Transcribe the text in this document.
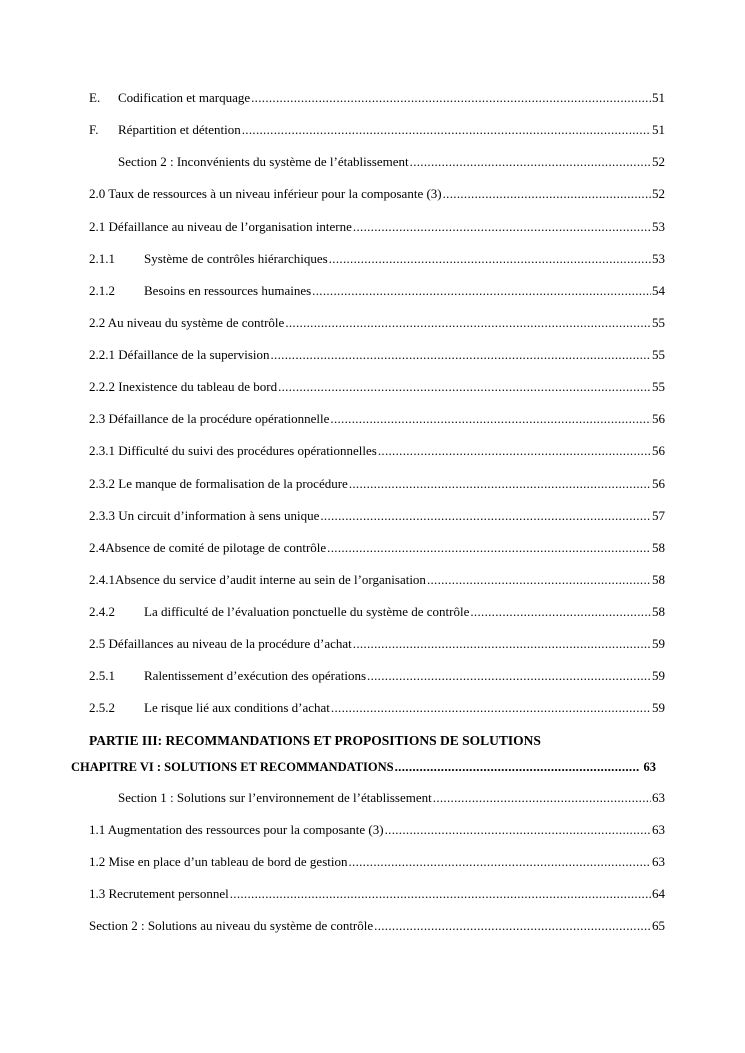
E.	Codification et marquage .....	51
F.	Répartition et détention .....	51
Section 2 : Inconvénients du système de l’établissement .....	52
2.0 Taux de ressources à un niveau inférieur pour la composante (3) .....	52
2.1 Défaillance au niveau de l’organisation interne .....	53
2.1.1	Système de contrôles hiérarchiques .....	53
2.1.2	Besoins en ressources humaines .....	54
2.2 Au niveau du système de contrôle .....	55
2.2.1 Défaillance de la supervision .....	55
2.2.2 Inexistence du tableau de bord .....	55
2.3 Défaillance de la procédure opérationnelle .....	56
2.3.1 Difficulté du suivi des procédures opérationnelles .....	56
2.3.2 Le manque de formalisation de la procédure .....	56
2.3.3 Un circuit d’information à sens unique .....	57
2.4Absence de comité de pilotage de contrôle .....	58
2.4.1Absence du service d’audit interne au sein de l’organisation .....	58
2.4.2	La difficulté de l’évaluation ponctuelle du système de contrôle .....	58
2.5 Défaillances au niveau de la procédure d’achat .....	59
2.5.1	Ralentissement d’exécution des opérations .....	59
2.5.2	Le risque lié aux conditions d’achat .....	59
PARTIE III: RECOMMANDATIONS ET PROPOSITIONS DE SOLUTIONS
CHAPITRE VI : SOLUTIONS ET RECOMMANDATIONS .....	63
Section 1 : Solutions sur l’environnement de l’établissement .....	63
1.1 Augmentation des ressources pour la composante (3) .....	63
1.2 Mise en place d’un tableau de bord de gestion .....	63
1.3 Recrutement personnel .....	64
Section 2 : Solutions au niveau du système de contrôle .....	65
